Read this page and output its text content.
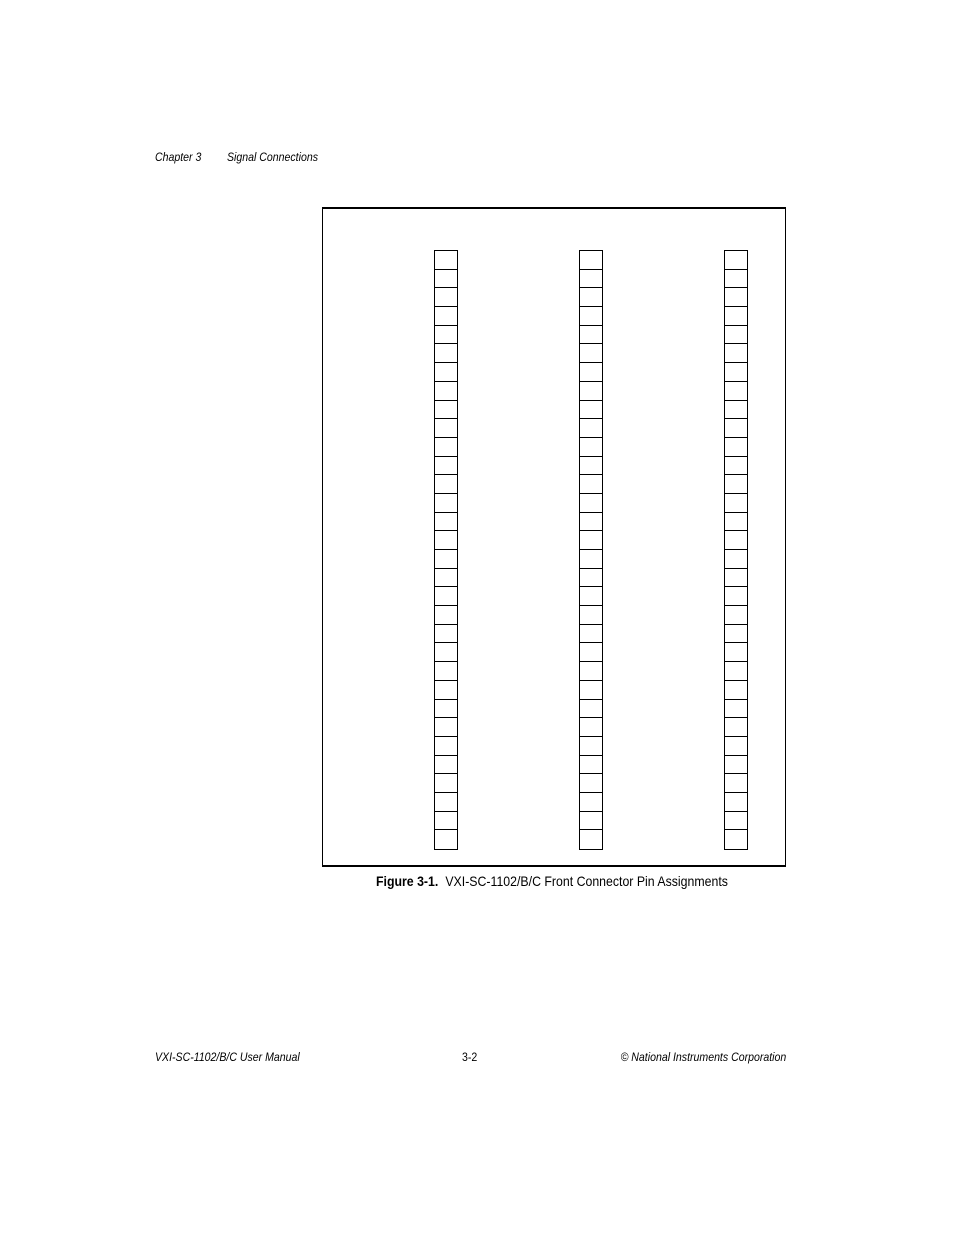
Chapter 3 Signal Connections
Figure 3-1. VXI-SC-1102/B/C Front Connector Pin Assignments
VXI-SC-1102/B/C User Manual	3-2	© National Instruments Corporation
